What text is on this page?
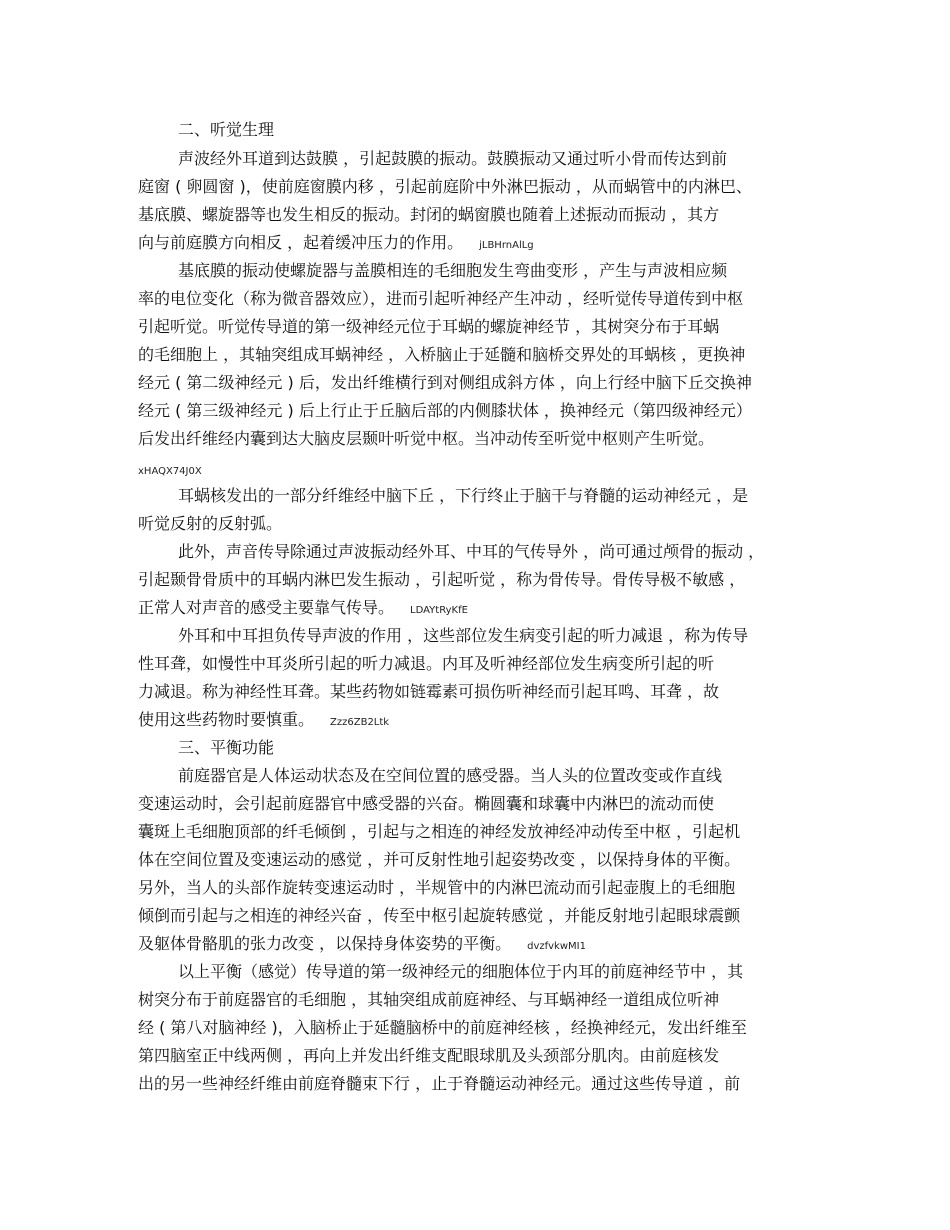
二、听觉生理
声波经外耳道到达鼓膜 ，引起鼓膜的振动。鼓膜振动又通过听小骨而传达到前
庭窗 ( 卵圆窗 )，使前庭窗膜内移 ，引起前庭阶中外淋巴振动 ，从而蜗管中的内淋巴、
基底膜、螺旋器等也发生相反的振动。封闭的蜗窗膜也随着上述振动而振动 ，其方
向与前庭膜方向相反 ，起着缓冲压力的作用。 jLBHrnAlLg
基底膜的振动使螺旋器与盖膜相连的毛细胞发生弯曲变形 ，产生与声波相应频
率的电位变化（称为微音器效应），进而引起听神经产生冲动 ，经听觉传导道传到中枢
引起听觉。听觉传导道的第一级神经元位于耳蜗的螺旋神经节 ，其树突分布于耳蜗
的毛细胞上 ，其轴突组成耳蜗神经 ，入桥脑止于延髓和脑桥交界处的耳蜗核 ，更换神
经元 ( 第二级神经元 ) 后，发出纤维横行到对侧组成斜方体 ，向上行经中脑下丘交换神
经元 ( 第三级神经元 ) 后上行止于丘脑后部的内侧膝状体 ，换神经元（第四级神经元）
后发出纤维经内囊到达大脑皮层颞叶听觉中枢。当冲动传至听觉中枢则产生听觉。
xHAQX74J0X
耳蜗核发出的一部分纤维经中脑下丘 ，下行终止于脑干与脊髓的运动神经元 ，是
听觉反射的反射弧。
此外，声音传导除通过声波振动经外耳、中耳的气传导外 ，尚可通过颅骨的振动 ，
引起颞骨骨质中的耳蜗内淋巴发生振动 ，引起听觉 ，称为骨传导。骨传导极不敏感 ，
正常人对声音的感受主要靠气传导。 LDAYtRyKfE
外耳和中耳担负传导声波的作用 ，这些部位发生病变引起的听力减退 ，称为传导
性耳聋，如慢性中耳炎所引起的听力减退。内耳及听神经部位发生病变所引起的听
力减退。称为神经性耳聋。某些药物如链霉素可损伤听神经而引起耳鸣、耳聋 ，故
使用这些药物时要慎重。 Zzz6ZB2Ltk
三、平衡功能
前庭器官是人体运动状态及在空间位置的感受器。当人头的位置改变或作直线
变速运动时，会引起前庭器官中感受器的兴奋。椭圆囊和球囊中内淋巴的流动而使
囊斑上毛细胞顶部的纤毛倾倒 ，引起与之相连的神经发放神经冲动传至中枢 ，引起机
体在空间位置及变速运动的感觉 ，并可反射性地引起姿势改变 ，以保持身体的平衡。
另外，当人的头部作旋转变速运动时 ，半规管中的内淋巴流动而引起壶腹上的毛细胞
倾倒而引起与之相连的神经兴奋 ，传至中枢引起旋转感觉 ，并能反射地引起眼球震颤
及躯体骨骼肌的张力改变 ，以保持身体姿势的平衡。 dvzfvkwMI1
以上平衡（感觉）传导道的第一级神经元的细胞体位于内耳的前庭神经节中 ，其
树突分布于前庭器官的毛细胞 ，其轴突组成前庭神经、与耳蜗神经一道组成位听神
经 ( 第八对脑神经 )，入脑桥止于延髓脑桥中的前庭神经核 ，经换神经元，发出纤维至
第四脑室正中线两侧 ，再向上并发出纤维支配眼球肌及头颈部分肌肉。由前庭核发
出的另一些神经纤维由前庭脊髓束下行 ，止于脊髓运动神经元。通过这些传导道 ，前
